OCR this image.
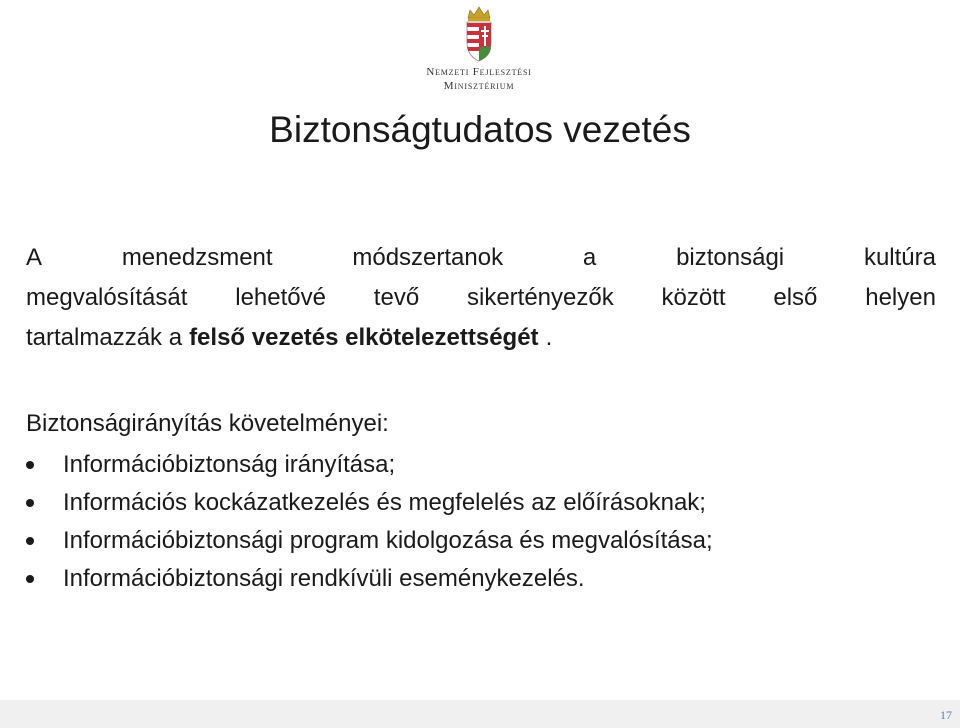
Nemzeti Fejlesztési
Minisztérium
Biztonságtudatos vezetés
A	menedzsment	módszertanok	a	biztonsági	kultúra
megvalósítását lehetővé tevő sikertényezők között első helyen
tartalmazzák a felső vezetés elkötelezettségét .
Biztonságirányítás követelményei:
Információbiztonság irányítása;
Információs kockázatkezelés és megfelelés az előírásoknak;
Információbiztonsági program kidolgozása és megvalósítása;
Információbiztonsági rendkívüli eseménykezelés.
17
